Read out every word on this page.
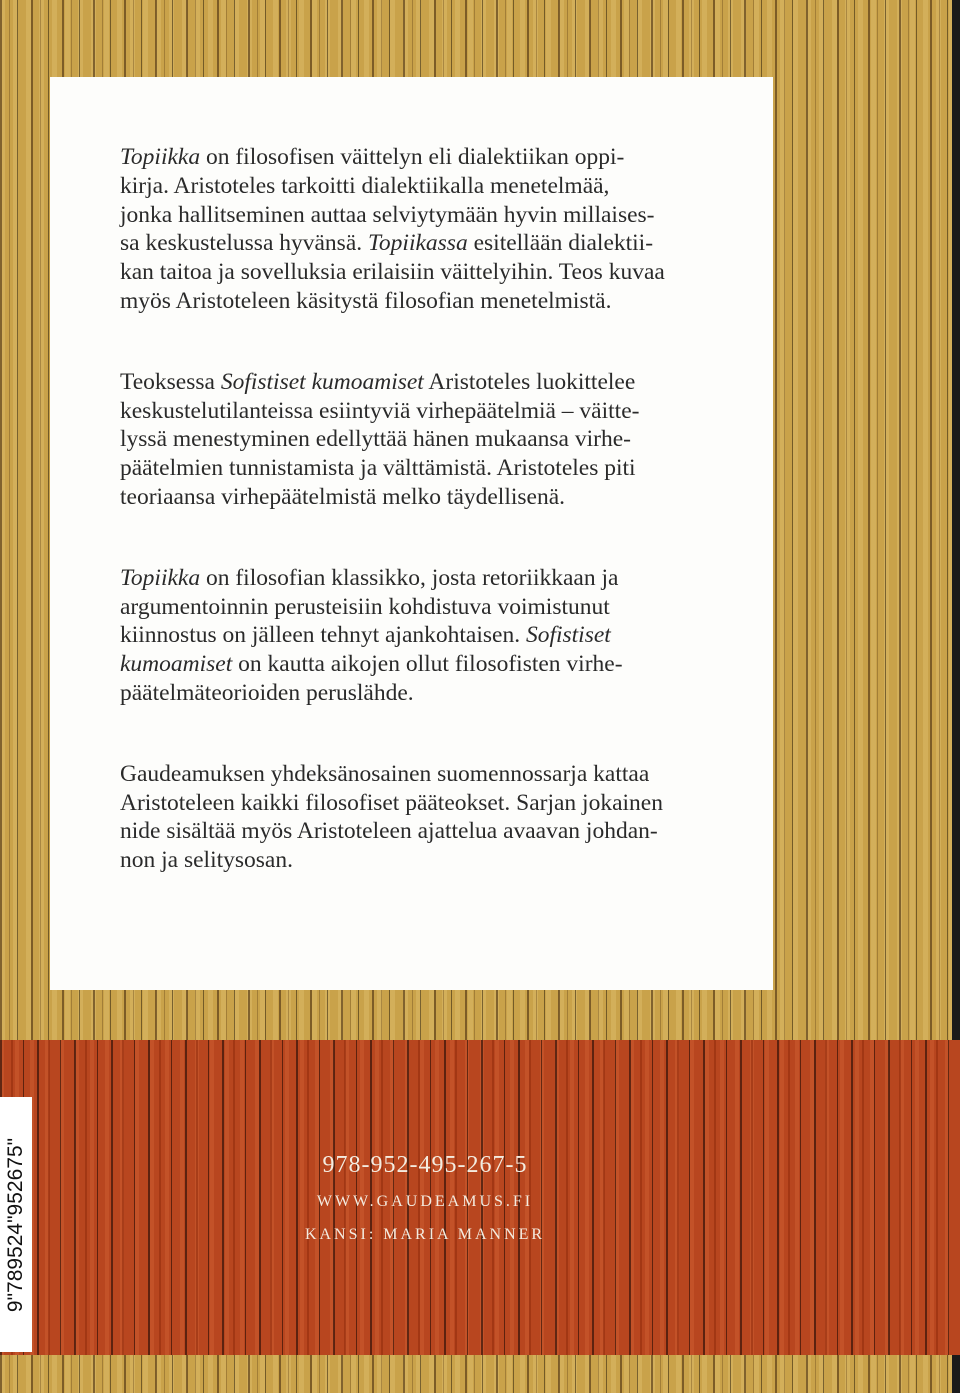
Topiikka on filosofisen väittelyn eli dialektiikan oppi-
kirja. Aristoteles tarkoitti dialektiikalla menetelmää,
jonka hallitseminen auttaa selviytymään hyvin millaises-
sa keskustelussa hyvänsä. Topiikassa esitellään dialektii-
kan taitoa ja sovelluksia erilaisiin väittelyihin. Teos kuvaa
myös Aristoteleen käsitystä filosofian menetelmistä.
Teoksessa Sofistiset kumoamiset Aristoteles luokittelee
keskustelutilanteissa esiintyviä virhepäätelmiä – väitte-
lyssä menestyminen edellyttää hänen mukaansa virhe-
päätelmien tunnistamista ja välttämistä. Aristoteles piti
teoriaansa virhepäätelmistä melko täydellisenä.
Topiikka on filosofian klassikko, josta retoriikkaan ja
argumentoinnin perusteisiin kohdistuva voimistunut
kiinnostus on jälleen tehnyt ajankohtaisen. Sofistiset
kumoamiset on kautta aikojen ollut filosofisten virhe-
päätelmäteorioiden peruslähde.
Gaudeamuksen yhdeksänosainen suomennossarja kattaa
Aristoteleen kaikki filosofiset pääteokset. Sarjan jokainen
nide sisältää myös Aristoteleen ajattelua avaavan johdan-
non ja selitysosan.
978-952-495-267-5
WWW.GAUDEAMUS.FI
KANSI: MARIA MANNER
9"789524"952675"
